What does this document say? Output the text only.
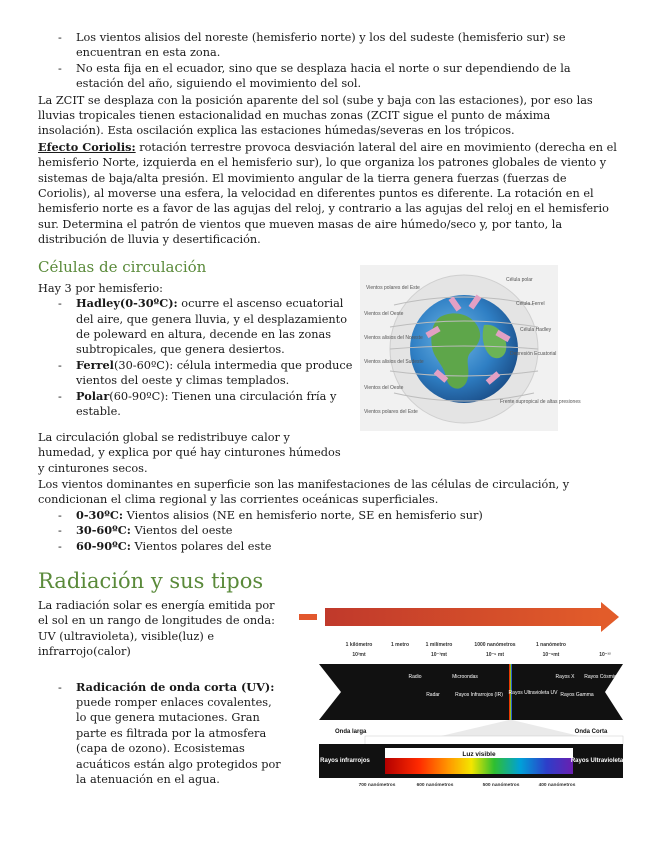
- Los vientos alisios del noreste (hemisferio norte) y los del sudeste (hemisferio sur) se encuentran en esta zona.
- No esta fija en el ecuador, sino que se desplaza hacia el norte o sur dependiendo de la estación del año, siguiendo el movimiento del sol.

La ZCIT se desplaza con la posición aparente del sol (sube y baja con las estaciones), por eso las lluvias tropicales tienen estacionalidad en muchas zonas (ZCIT sigue el punto de máxima insolación). Esta oscilación explica las estaciones húmedas/severas en los trópicos.

Efecto Coriolis: rotación terrestre provoca desviación lateral del aire en movimiento (derecha en el hemisferio Norte, izquierda en el hemisferio sur), lo que organiza los patrones globales de viento y sistemas de baja/alta presión. El movimiento angular de la tierra genera fuerzas (fuerzas de Coriolis), al moverse una esfera, la velocidad en diferentes puntos es diferente. La rotación en el hemisferio norte es a favor de las agujas del reloj, y contrario a las agujas del reloj en el hemisferio sur. Determina el patrón de vientos que mueven masas de aire húmedo/seco y, por tanto, la distribución de lluvia y desertificación.

Células de circulación

Hay 3 por hemisferio:

- Hadley(0-30ºC): ocurre el ascenso ecuatorial del aire, que genera lluvia, y el desplazamiento de poleward en altura, decende en las zonas subtropicales, que genera desiertos.
- Ferrel(30-60ºC): célula intermedia que produce vientos del oeste y climas templados.
- Polar(60-90ºC): Tienen una circulación fría y estable.
Vientos polares del Este
Vientos del Oeste
Vientos alisios del Noreste
Vientos alisios del Sudeste
Vientos del Oeste
Vientos polares del Este
Célula polar
Célula Ferrel
Célula Hadley
Depresión Ecuatorial
Frente supropical de altas presiones

La circulación global se redistribuye calor y humedad, y explica por qué hay cinturones húmedos y cinturones secos.

Los vientos dominantes en superficie son las manifestaciones de las células de circulación, y condicionan el clima regional y las corrientes oceánicas superficiales.

- 0-30ºC: Vientos alisios (NE en hemisferio norte, SE en hemisferio sur)
- 30-60ºC: Vientos del oeste
- 60-90ºC: Vientos polares del este
Radiación y sus tipos

La radiación solar es energía emitida por el sol en un rango de longitudes de onda: UV (ultravioleta), visible(luz) e infrarrojo(calor)

- Radicación de onda corta (UV): puede romper enlaces covalentes, lo que genera mutaciones. Gran parte es filtrada por la atmosfera (capa de ozono). Ecosistemas acuáticos están algo protegidos por la atenuación en el agua.
1 kilómetro	1 metro	1 milímetro	1000 nanómetros	1 nanómetro
10³mt	10⁻³mt	10⁻⁶ mt	10⁻⁹mt	10⁻¹²
Radio	Microondas	Rayos X Rayos Cósmicos
Radar	Rayos Infrarrojos (IR) Rayos Ultravioleta UV Rayos Gamma
Onda larga	Onda Corta
Luz visible
Rayos infrarrojos	Rayos Ultravioleta
700 nanómetros	600 nanómetros	500 nanómetros	400 nanómetros
